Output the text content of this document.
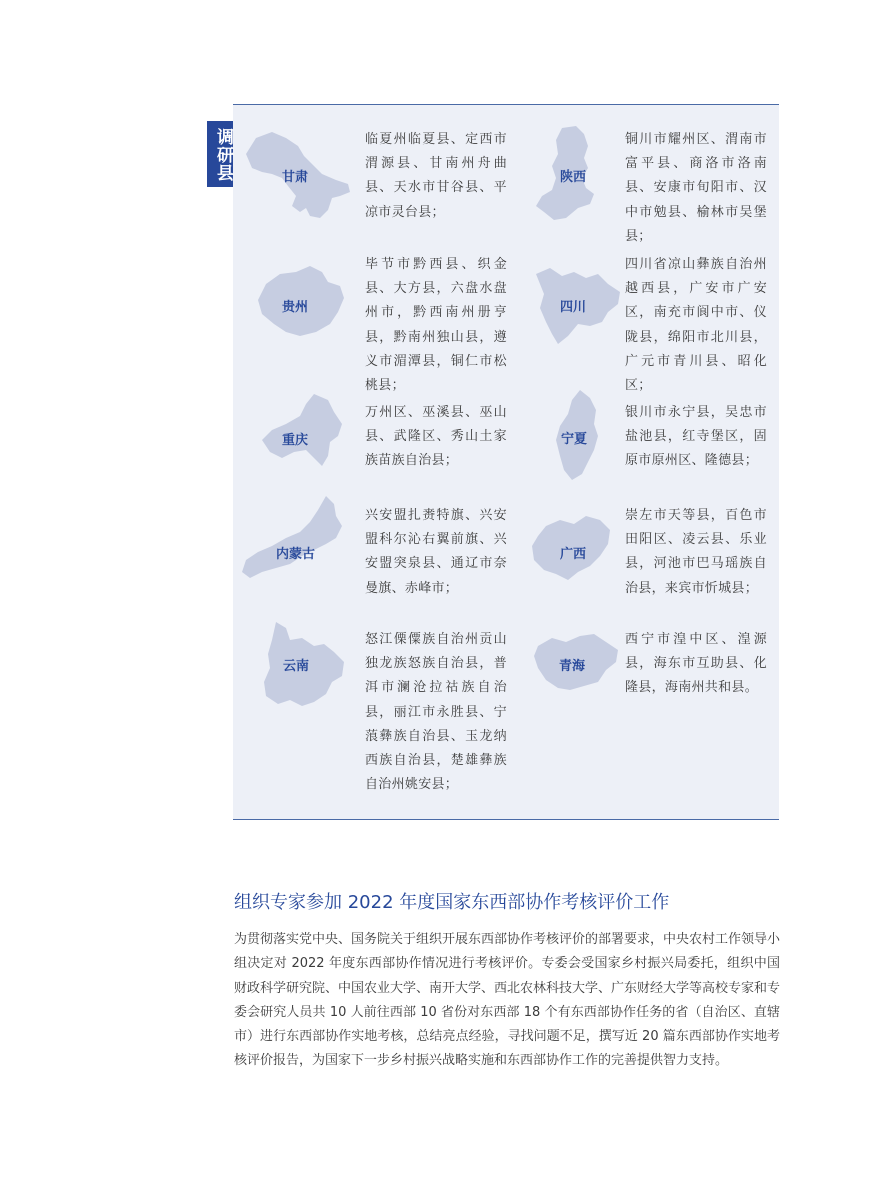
调研县	甘肃
临夏州临夏县、定西市渭源县、甘南州舟曲县、天水市甘谷县、平凉市灵台县；
陕西
铜川市耀州区、渭南市富平县、商洛市洛南县、安康市旬阳市、汉中市勉县、榆林市吴堡县；
贵州
毕节市黔西县、织金县、大方县，六盘水盘州市，黔西南州册亨县，黔南州独山县，遵义市湄潭县，铜仁市松桃县；
四川
四川省凉山彝族自治州越西县，广安市广安区，南充市阆中市、仪陇县，绵阳市北川县，广元市青川县、昭化区；
重庆
万州区、巫溪县、巫山县、武隆区、秀山土家族苗族自治县；
宁夏
银川市永宁县，吴忠市盐池县，红寺堡区，固原市原州区、隆德县；
内蒙古
兴安盟扎赉特旗、兴安盟科尔沁右翼前旗、兴安盟突泉县、通辽市奈曼旗、赤峰市；
广西
崇左市天等县，百色市田阳区、凌云县、乐业县，河池市巴马瑶族自治县，来宾市忻城县；
云南
怒江傈僳族自治州贡山独龙族怒族自治县，普洱市澜沧拉祜族自治县，丽江市永胜县、宁蒗彝族自治县、玉龙纳西族自治县，楚雄彝族自治州姚安县；
青海
西宁市湟中区、湟源县，海东市互助县、化隆县，海南州共和县。
组织专家参加 2022 年度国家东西部协作考核评价工作

为贯彻落实党中央、国务院关于组织开展东西部协作考核评价的部署要求，中央农村工作领导小组决定对 2022 年度东西部协作情况进行考核评价。专委会受国家乡村振兴局委托，组织中国财政科学研究院、中国农业大学、南开大学、西北农林科技大学、广东财经大学等高校专家和专委会研究人员共 10 人前往西部 10 省份对东西部 18 个有东西部协作任务的省（自治区、直辖市）进行东西部协作实地考核，总结亮点经验，寻找问题不足，撰写近 20 篇东西部协作实地考核评价报告，为国家下一步乡村振兴战略实施和东西部协作工作的完善提供智力支持。
